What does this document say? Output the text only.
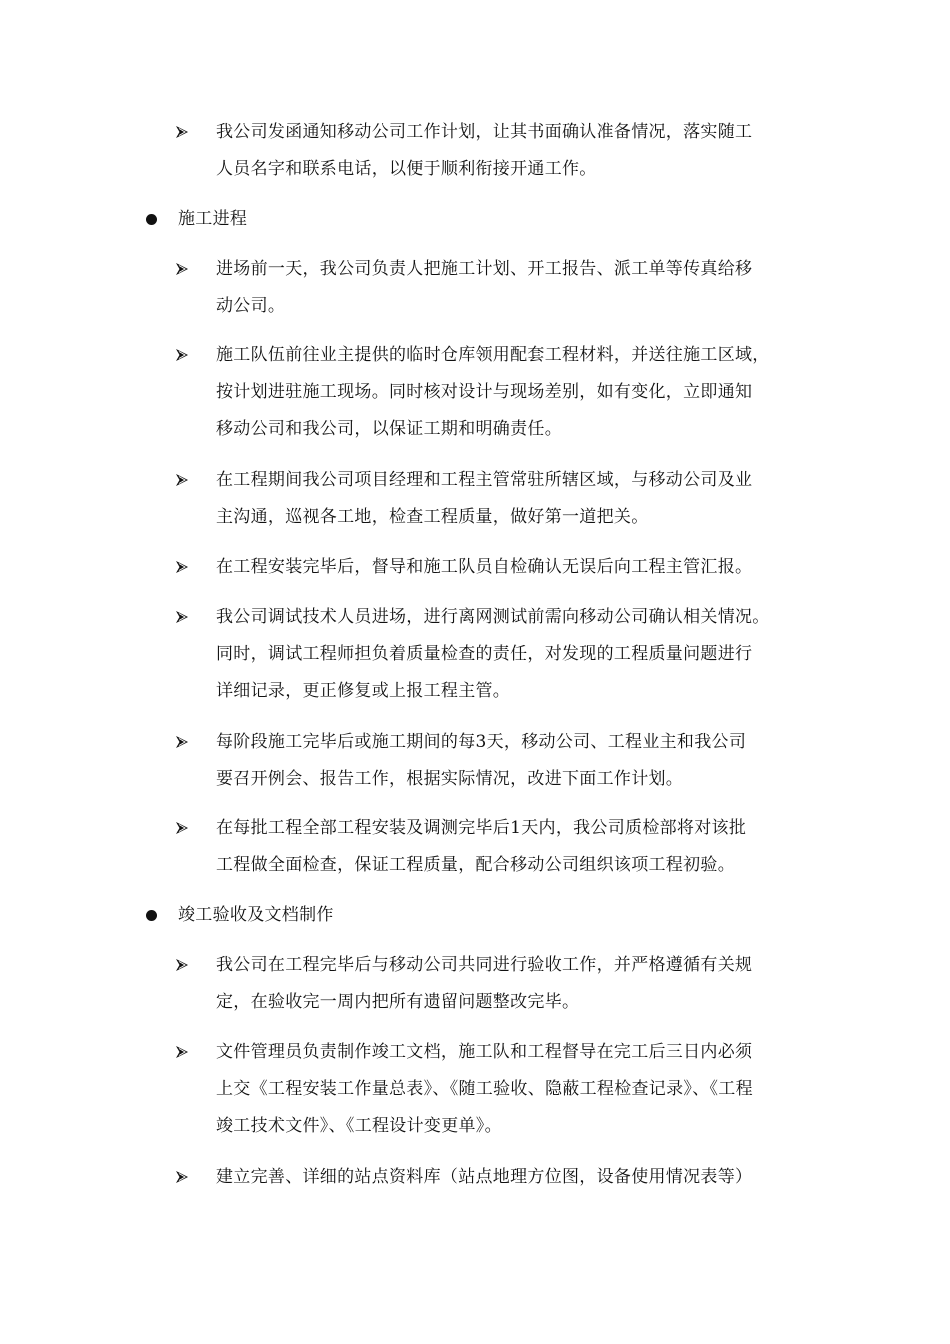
我公司发函通知移动公司工作计划，让其书面确认准备情况，落实随工
人员名字和联系电话，以便于顺利衔接开通工作。
施工进程
进场前一天，我公司负责人把施工计划、开工报告、派工单等传真给移
动公司。
施工队伍前往业主提供的临时仓库领用配套工程材料，并送往施工区域，
按计划进驻施工现场。同时核对设计与现场差别，如有变化，立即通知
移动公司和我公司，以保证工期和明确责任。
在工程期间我公司项目经理和工程主管常驻所辖区域，与移动公司及业
主沟通，巡视各工地，检查工程质量，做好第一道把关。
在工程安装完毕后，督导和施工队员自检确认无误后向工程主管汇报。
我公司调试技术人员进场，进行离网测试前需向移动公司确认相关情况。
同时，调试工程师担负着质量检查的责任，对发现的工程质量问题进行
详细记录，更正修复或上报工程主管。
每阶段施工完毕后或施工期间的每3天，移动公司、工程业主和我公司
要召开例会、报告工作，根据实际情况，改进下面工作计划。
在每批工程全部工程安装及调测完毕后1天内，我公司质检部将对该批
工程做全面检查，保证工程质量，配合移动公司组织该项工程初验。
竣工验收及文档制作
我公司在工程完毕后与移动公司共同进行验收工作，并严格遵循有关规
定，在验收完一周内把所有遗留问题整改完毕。
文件管理员负责制作竣工文档，施工队和工程督导在完工后三日内必须
上交《工程安装工作量总表》、《随工验收、隐蔽工程检查记录》、《工程
竣工技术文件》、《工程设计变更单》。
建立完善、详细的站点资料库（站点地理方位图，设备使用情况表等）
